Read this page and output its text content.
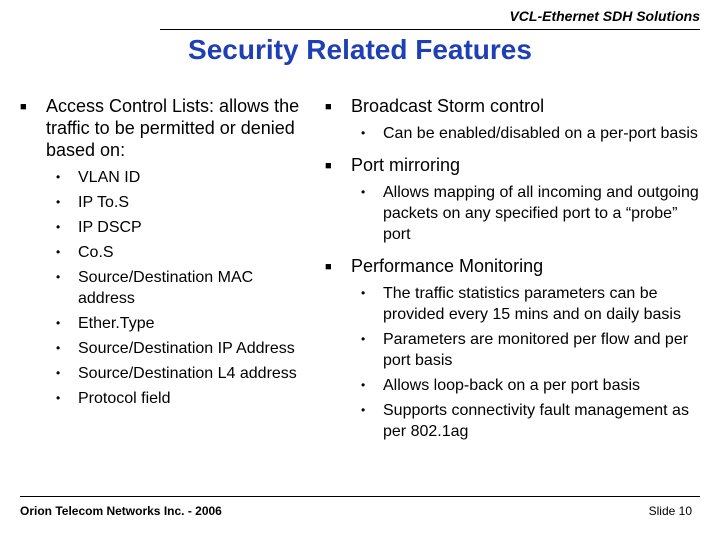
VCL-Ethernet SDH Solutions
Security Related Features
■ Access Control Lists: allows the traffic to be permitted or denied based on:
• VLAN ID
• IP To.S
• IP DSCP
• Co.S
• Source/Destination MAC address
• Ether.Type
• Source/Destination IP Address
• Source/Destination L4 address
• Protocol field
■ Broadcast Storm control
• Can be enabled/disabled on a per-port basis
■ Port mirroring
• Allows mapping of all incoming and outgoing packets on any specified port to a “probe” port
■ Performance Monitoring
• The traffic statistics parameters can be provided every 15 mins and on daily basis
• Parameters are monitored per flow and per port basis
• Allows loop-back on a per port basis
• Supports connectivity fault management as per 802.1ag
Orion Telecom Networks Inc. - 2006	Slide 10
